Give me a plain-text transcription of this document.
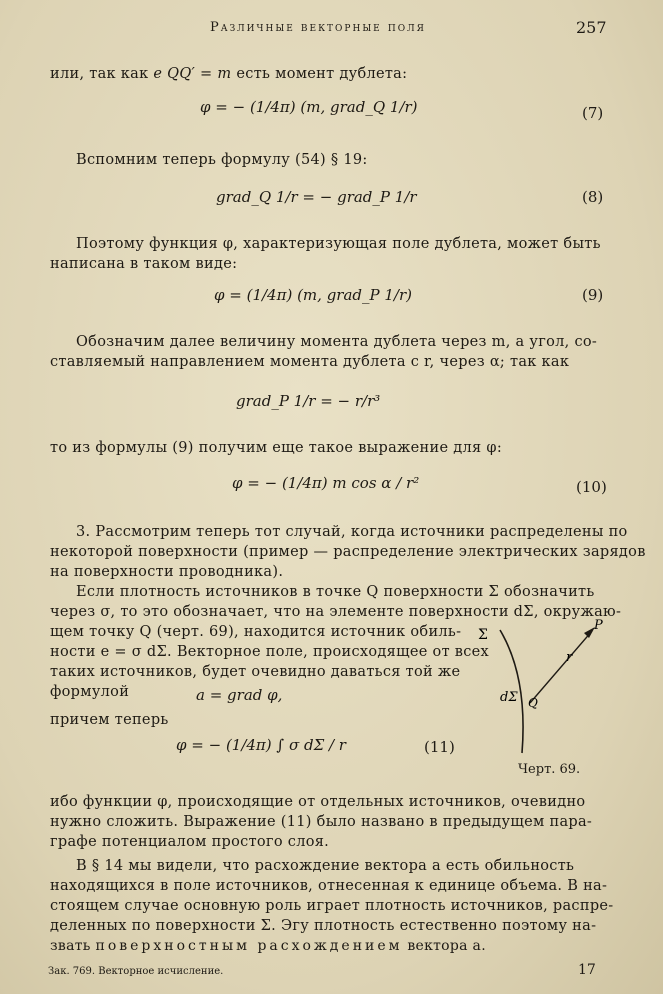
Различные векторные поля	257
или, так как e QQ′ = m есть момент дублета:
φ = − (1/4π) (m, grad_Q 1/r)	(7)
Вспомним теперь формулу (54) § 19:
grad_Q 1/r = − grad_P 1/r	(8)
Поэтому функция φ, характеризующая поле дублета, может быть
написана в таком виде:
φ = (1/4π) (m, grad_P 1/r)	(9)
Обозначим далее величину момента дублета через m, а угол, со-
ставляемый направлением момента дублета с r, через α; так как
grad_P 1/r = − r/r³
то из формулы (9) получим еще такое выражение для φ:
φ = − (1/4π) m cos α / r²	(10)
3. Рассмотрим теперь тот случай, когда источники распределены по
некоторой поверхности (пример — распределение электрических зарядов
на поверхности проводника).
Если плотность источников в точке Q поверхности Σ обозначить
через σ, то это обозначает, что на элементе поверхности dΣ, окружаю-
щем точку Q (черт. 69), находится источник обиль-
ности e = σ dΣ. Векторное поле, происходящее от всех
таких источников, будет очевидно даваться той же
формулой	a = grad φ,
причем теперь
φ = − (1/4π) ∫ σ dΣ / r	(11)
Σ
P
r
dΣ Q
Черт. 69.
ибо функции φ, происходящие от отдельных источников, очевидно
нужно сложить. Выражение (11) было названо в предыдущем пара-
графе потенциалом простого слоя.
В § 14 мы видели, что расхождение вектора a есть обильность
находящихся в поле источников, отнесенная к единице объема. В на-
стоящем случае основную роль играет плотность источников, распре-
деленных по поверхности Σ. Эгу плотность естественно поэтому на-
звать поверхностным расхождением вектора a.
Зак. 769. Векторное исчисление.	17
